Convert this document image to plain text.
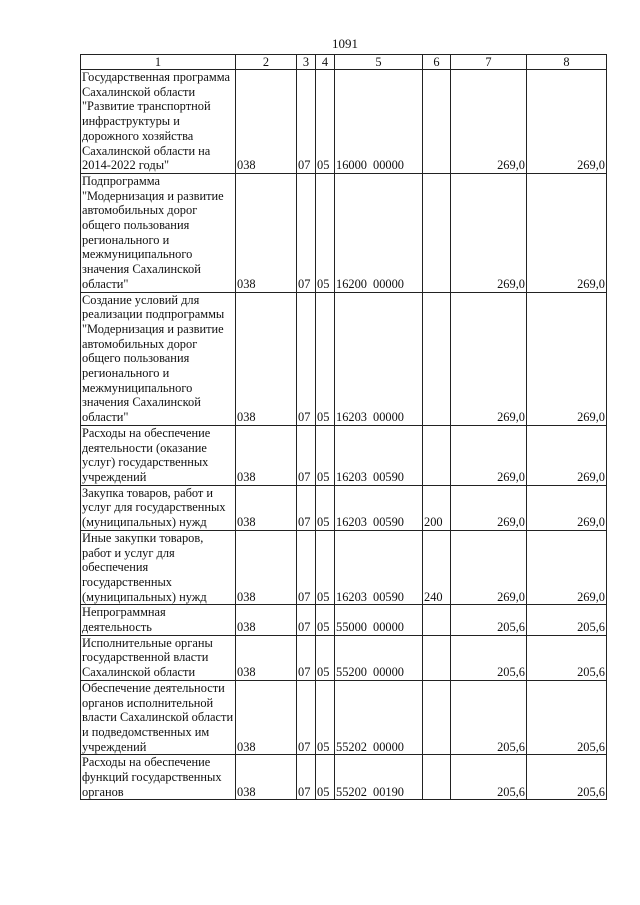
1091
1	2	3	4	5	6	7	8
Государственная программа Сахалинской области "Развитие транспортной инфраструктуры и дорожного хозяйства Сахалинской области на 2014-2022 годы"	038	07	05	16000 00000		269,0	269,0
Подпрограмма "Модернизация и развитие автомобильных дорог общего пользования регионального и межмуниципального значения Сахалинской области"	038	07	05	16200 00000		269,0	269,0
Создание условий для реализации подпрограммы "Модернизация и развитие автомобильных дорог общего пользования регионального и межмуниципального значения Сахалинской области"	038	07	05	16203 00000		269,0	269,0
Расходы на обеспечение деятельности (оказание услуг) государственных учреждений	038	07	05	16203 00590		269,0	269,0
Закупка товаров, работ и услуг для государственных (муниципальных) нужд	038	07	05	16203 00590	200	269,0	269,0
Иные закупки товаров, работ и услуг для обеспечения государственных (муниципальных) нужд	038	07	05	16203 00590	240	269,0	269,0
Непрограммная деятельность	038	07	05	55000 00000		205,6	205,6
Исполнительные органы государственной власти Сахалинской области	038	07	05	55200 00000		205,6	205,6
Обеспечение деятельности органов исполнительной власти Сахалинской области и подведомственных им учреждений	038	07	05	55202 00000		205,6	205,6
Расходы на обеспечение функций государственных органов	038	07	05	55202 00190		205,6	205,6
